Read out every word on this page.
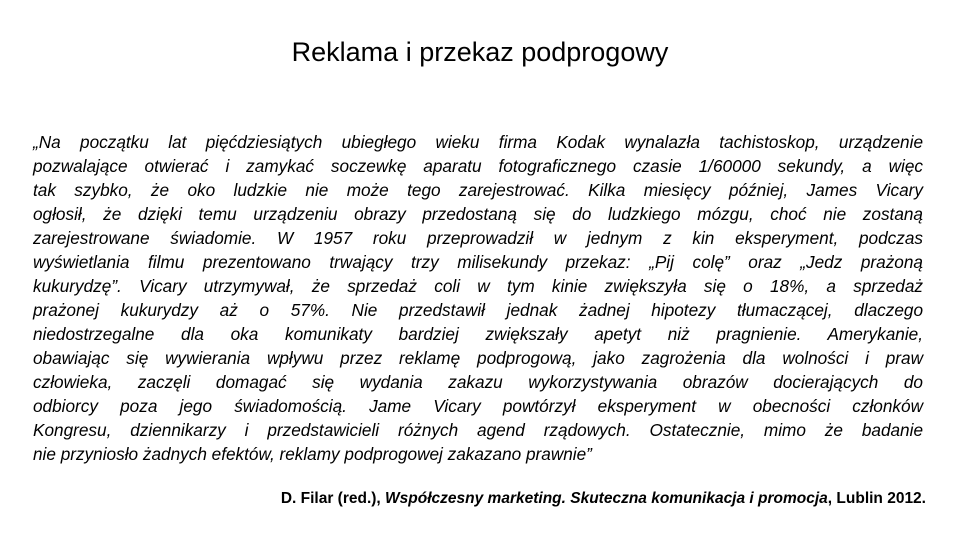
Reklama i przekaz podprogowy

„Na początku lat pięćdziesiątych ubiegłego wieku firma Kodak wynalazła tachistoskop, urządzenie
pozwalające otwierać i zamykać soczewkę aparatu fotograficznego czasie 1/60000 sekundy, a więc
tak szybko, że oko ludzkie nie może tego zarejestrować. Kilka miesięcy później, James Vicary
ogłosił, że dzięki temu urządzeniu obrazy przedostaną się do ludzkiego mózgu, choć nie zostaną
zarejestrowane świadomie. W 1957 roku przeprowadził w jednym z kin eksperyment, podczas
wyświetlania filmu prezentowano trwający trzy milisekundy przekaz: „Pij colę” oraz „Jedz prażoną
kukurydzę”. Vicary utrzymywał, że sprzedaż coli w tym kinie zwiększyła się o 18%, a sprzedaż
prażonej kukurydzy aż o 57%. Nie przedstawił jednak żadnej hipotezy tłumaczącej, dlaczego
niedostrzegalne dla oka komunikaty bardziej zwiększały apetyt niż pragnienie. Amerykanie,
obawiając się wywierania wpływu przez reklamę podprogową, jako zagrożenia dla wolności i praw
człowieka, zaczęli domagać się wydania zakazu wykorzystywania obrazów docierających do
odbiorcy poza jego świadomością. Jame Vicary powtórzył eksperyment w obecności członków
Kongresu, dziennikarzy i przedstawicieli różnych agend rządowych. Ostatecznie, mimo że badanie
nie przyniosło żadnych efektów, reklamy podprogowej zakazano prawnie”

D. Filar (red.), Współczesny marketing. Skuteczna komunikacja i promocja, Lublin 2012.
